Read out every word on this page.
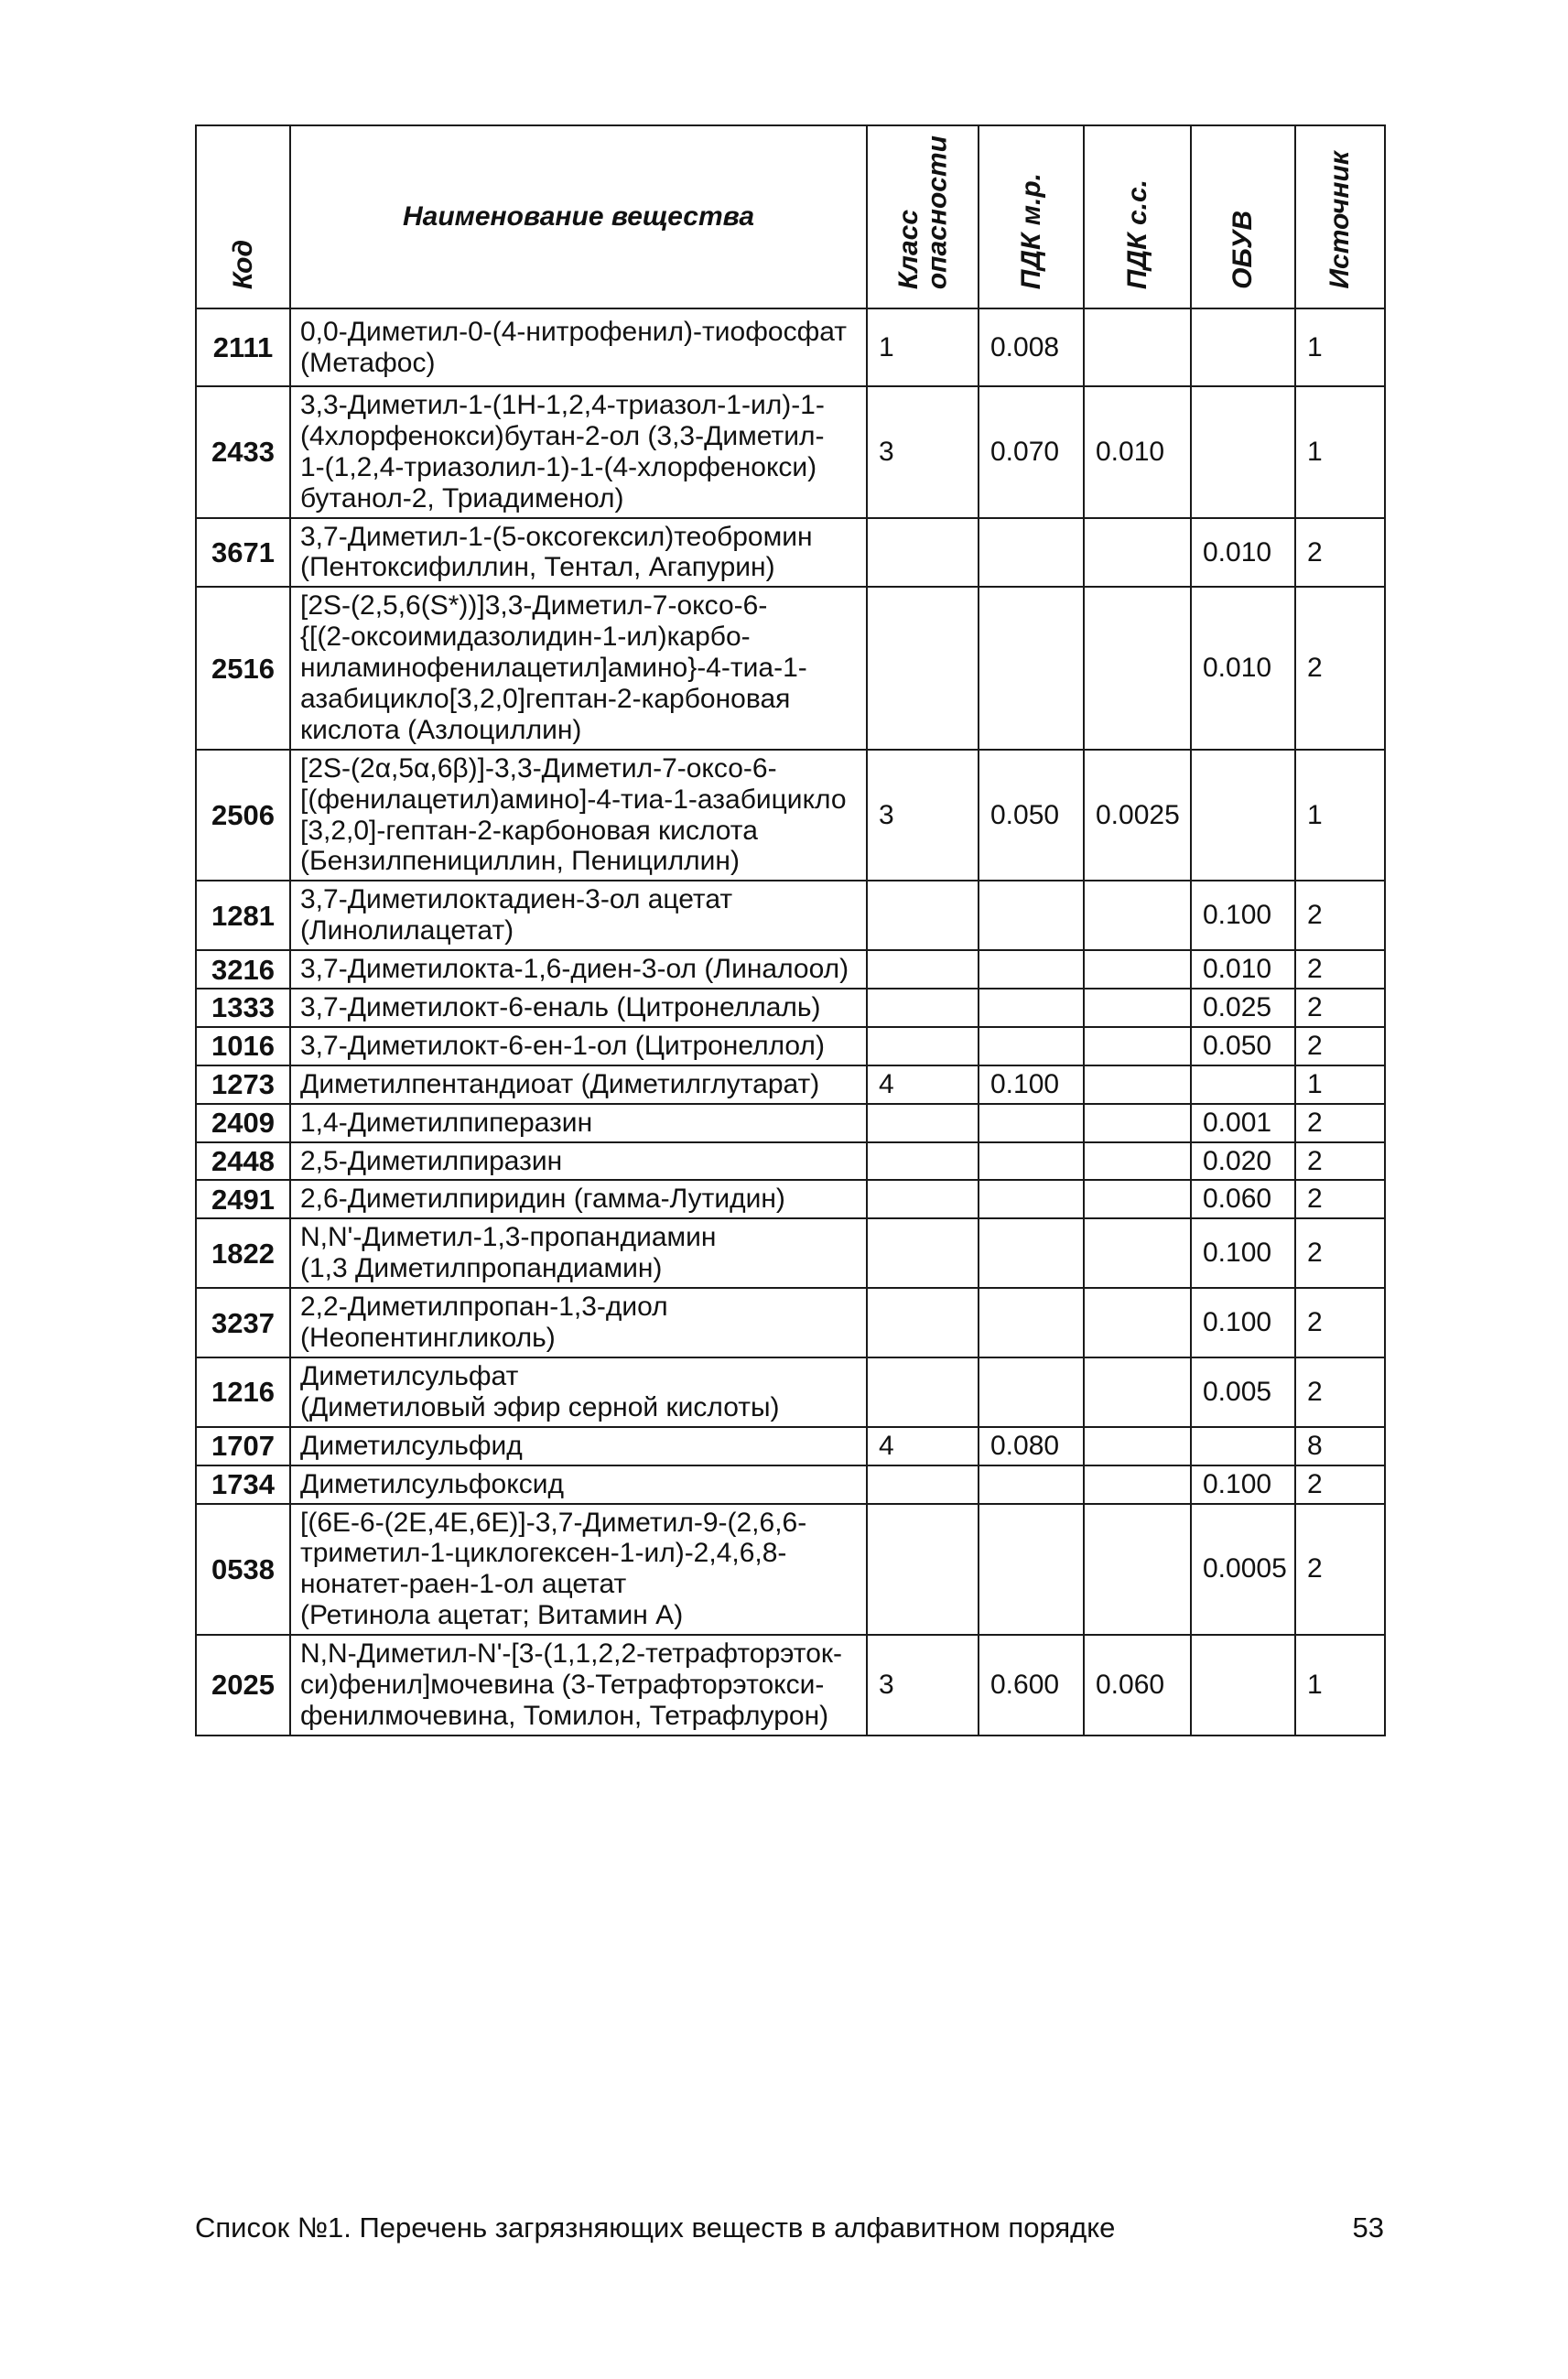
Код	Наименование вещества	Класс
опасности	ПДК м.р.	ПДК с.с.	ОБУВ	Источник
2111	0,0-Диметил-0-(4-нитрофенил)-тиофосфат
(Метафос)	1	0.008			1
2433	3,3-Диметил-1-(1Н-1,2,4-триазол-1-ил)-1-
(4хлорфенокси)бутан-2-ол (3,3-Диметил-
1-(1,2,4-триазолил-1)-1-(4-хлорфенокси)
бутанол-2, Триадименол)	3	0.070	0.010		1
3671	3,7-Диметил-1-(5-оксогексил)теобромин
(Пентоксифиллин, Тентал, Агапурин)				0.010	2
2516	[2S-(2,5,6(S*))]3,3-Диметил-7-оксо-6-
{[(2-оксоимидазолидин-1-ил)карбо-
ниламинофенилацетил]амино}-4-тиа-1-
азабицикло[3,2,0]гептан-2-карбоновая
кислота (Азлоциллин)				0.010	2
2506	[2S-(2α,5α,6β)]-3,3-Диметил-7-оксо-6-
[(фенилацетил)амино]-4-тиа-1-азабицикло
[3,2,0]-гептан-2-карбоновая кислота
(Бензилпенициллин, Пенициллин)	3	0.050	0.0025		1
1281	3,7-Диметилоктадиен-3-ол ацетат
(Линолилацетат)				0.100	2
3216	3,7-Диметилокта-1,6-диен-3-ол (Линалоол)				0.010	2
1333	3,7-Диметилокт-6-еналь (Цитронеллаль)				0.025	2
1016	3,7-Диметилокт-6-ен-1-ол (Цитронеллол)				0.050	2
1273	Диметилпентандиоат (Диметилглутарат)	4	0.100			1
2409	1,4-Диметилпиперазин				0.001	2
2448	2,5-Диметилпиразин				0.020	2
2491	2,6-Диметилпиридин (гамма-Лутидин)				0.060	2
1822	N,N'-Диметил-1,3-пропандиамин
(1,3 Диметилпропандиамин)				0.100	2
3237	2,2-Диметилпропан-1,3-диол
(Неопентингликоль)				0.100	2
1216	Диметилсульфат
(Диметиловый эфир серной кислоты)				0.005	2
1707	Диметилсульфид	4	0.080			8
1734	Диметилсульфоксид				0.100	2
0538	[(6Е-6-(2Е,4Е,6Е)]-3,7-Диметил-9-(2,6,6-
триметил-1-циклогексен-1-ил)-2,4,6,8-
нонатет-раен-1-ол ацетат
(Ретинола ацетат; Витамин А)				0.0005	2
2025	N,N-Диметил-N'-[3-(1,1,2,2-тетрафторэток-
си)фенил]мочевина (3-Тетрафторэтокси-
фенилмочевина, Томилон, Тетрафлурон)	3	0.600	0.060		1
Список №1. Перечень загрязняющих веществ в алфавитном порядке	53
